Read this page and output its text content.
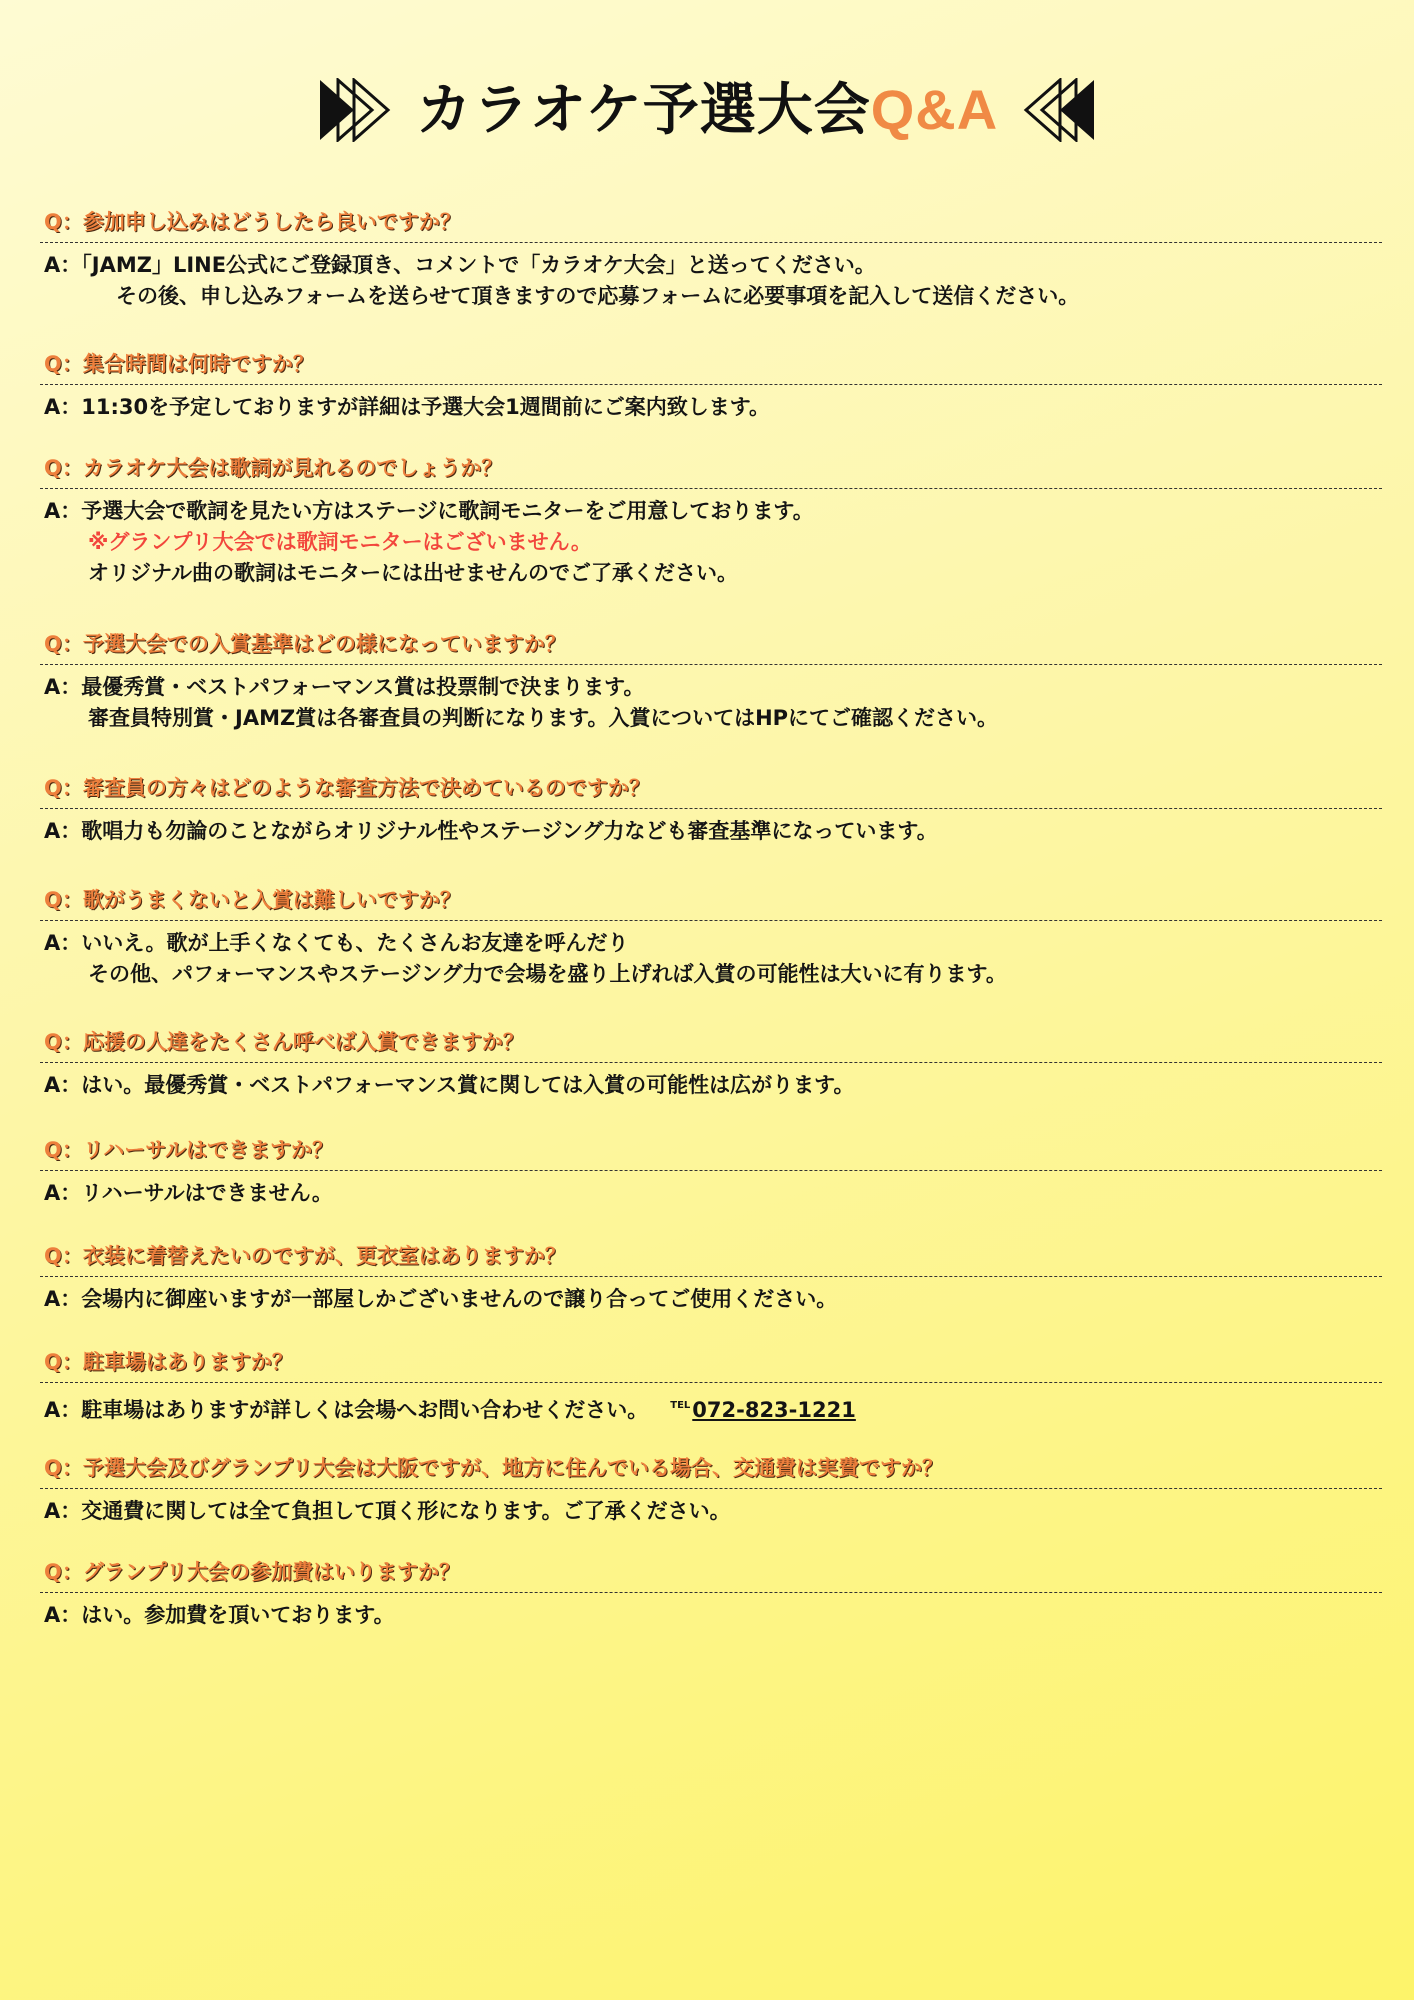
カラオケ予選大会Q&A
Q：参加申し込みはどうしたら良いですか？
A：「JAMZ」LINE公式にご登録頂き、コメントで「カラオケ大会」と送ってください。
その後、申し込みフォームを送らせて頂きますので応募フォームに必要事項を記入して送信ください。
Q：集合時間は何時ですか？
A：11:30を予定しておりますが詳細は予選大会1週間前にご案内致します。
Q：カラオケ大会は歌詞が見れるのでしょうか？
A：予選大会で歌詞を見たい方はステージに歌詞モニターをご用意しております。
※グランプリ大会では歌詞モニターはございません。
オリジナル曲の歌詞はモニターには出せませんのでご了承ください。
Q：予選大会での入賞基準はどの様になっていますか？
A：最優秀賞・ベストパフォーマンス賞は投票制で決まります。
審査員特別賞・JAMZ賞は各審査員の判断になります。入賞についてはHPにてご確認ください。
Q：審査員の方々はどのような審査方法で決めているのですか？
A：歌唱力も勿論のことながらオリジナル性やステージング力なども審査基準になっています。
Q：歌がうまくないと入賞は難しいですか？
A：いいえ。歌が上手くなくても、たくさんお友達を呼んだり
その他、パフォーマンスやステージング力で会場を盛り上げれば入賞の可能性は大いに有ります。
Q：応援の人達をたくさん呼べば入賞できますか？
A：はい。最優秀賞・ベストパフォーマンス賞に関しては入賞の可能性は広がります。
Q：リハーサルはできますか？
A：リハーサルはできません。
Q：衣装に着替えたいのですが、更衣室はありますか？
A：会場内に御座いますが一部屋しかございませんので譲り合ってご使用ください。
Q：駐車場はありますか？
A：駐車場はありますが詳しくは会場へお問い合わせください。 $^{TEL}$072-823-1221
Q：予選大会及びグランプリ大会は大阪ですが、地方に住んでいる場合、交通費は実費ですか？
A：交通費に関しては全て負担して頂く形になります。ご了承ください。
Q：グランプリ大会の参加費はいりますか？
A：はい。参加費を頂いております。
